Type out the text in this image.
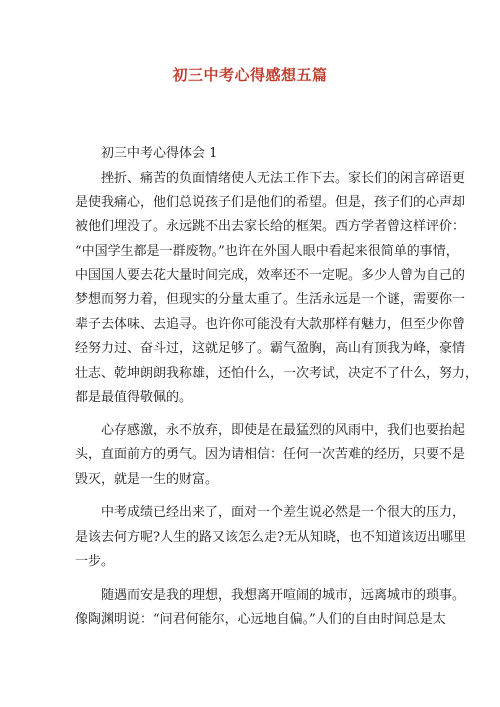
初三中考心得感想五篇
初三中考心得体会 1
挫折、痛苦的负面情绪使人无法工作下去。家长们的闲言碎语更
是使我痛心，他们总说孩子们是他们的希望。但是，孩子们的心声却
被他们埋没了。永远跳不出去家长给的框架。西方学者曾这样评价：
“中国学生都是一群废物。”也许在外国人眼中看起来很简单的事情，
中国国人要去花大量时间完成，效率还不一定呢。多少人曾为自己的
梦想而努力着，但现实的分量太重了。生活永远是一个谜，需要你一
辈子去体味、去追寻。也许你可能没有大款那样有魅力，但至少你曾
经努力过、奋斗过，这就足够了。霸气盈胸，高山有顶我为峰，豪情
壮志、乾坤朗朗我称雄，还怕什么，一次考试，决定不了什么，努力，
都是最值得敬佩的。
心存感激，永不放弃，即使是在最猛烈的风雨中，我们也要抬起
头，直面前方的勇气。因为请相信：任何一次苦难的经历，只要不是
毁灭，就是一生的财富。
中考成绩已经出来了，面对一个差生说必然是一个很大的压力，
是该去何方呢?人生的路又该怎么走?无从知晓，也不知道该迈出哪里
一步。
随遇而安是我的理想，我想离开喧闹的城市，远离城市的琐事。
像陶渊明说：“问君何能尔，心远地自偏。”人们的自由时间总是太
